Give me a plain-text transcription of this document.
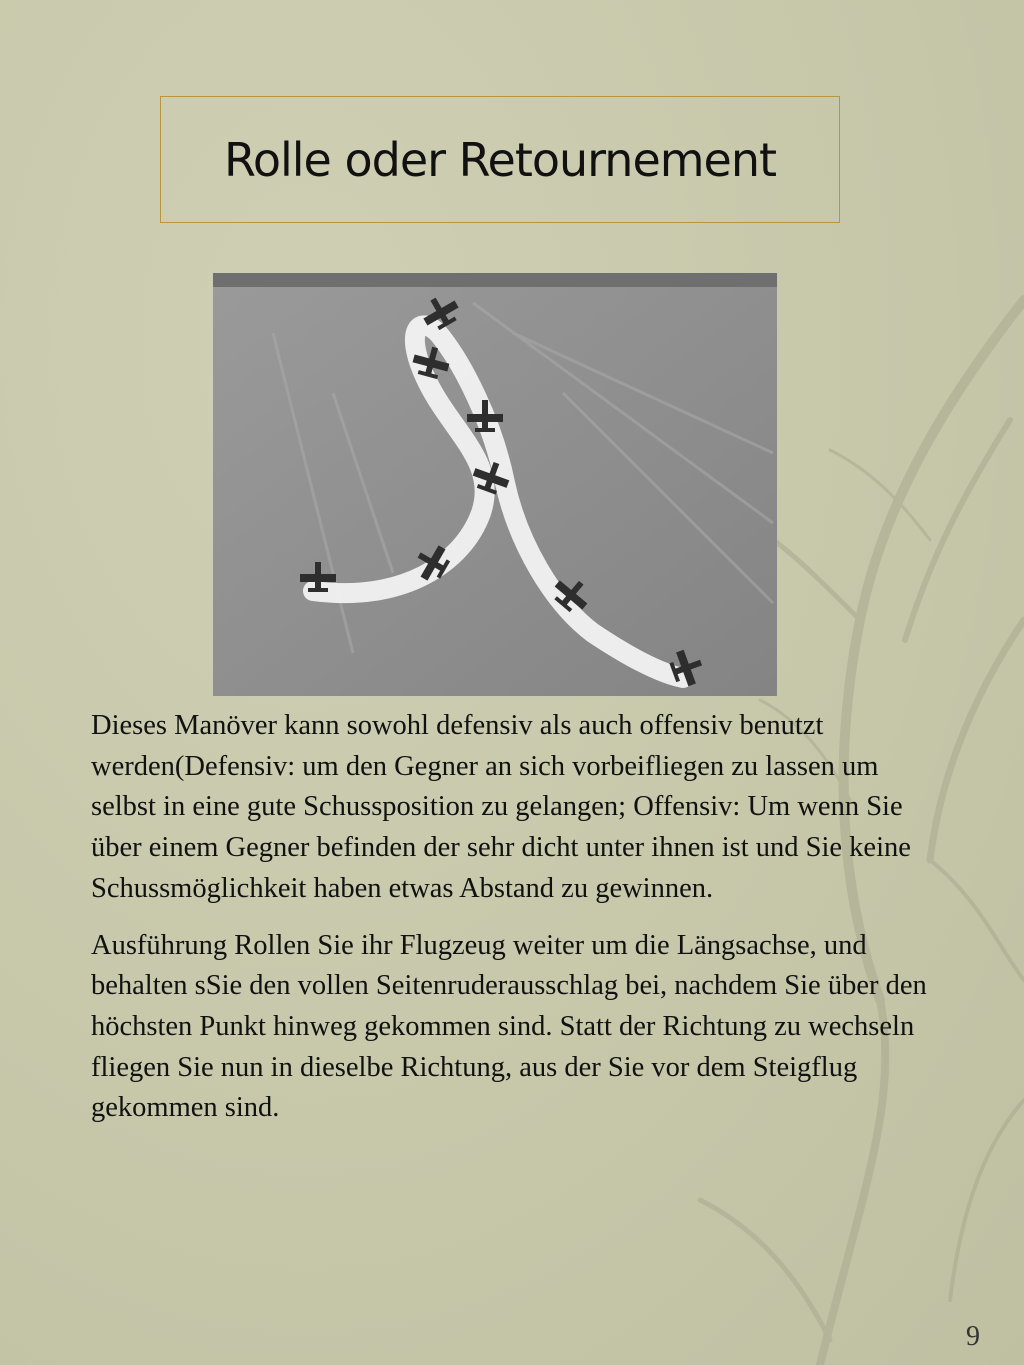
Rolle oder Retournement

Dieses Manöver kann sowohl defensiv als auch offensiv benutzt werden(Defensiv: um den Gegner an sich vorbeifliegen zu lassen um selbst in eine gute Schussposition zu gelangen; Offensiv: Um wenn Sie über einem Gegner befinden der sehr dicht unter ihnen ist und Sie keine Schussmöglichkeit haben etwas Abstand zu gewinnen.

Ausführung Rollen Sie ihr Flugzeug weiter um die Längsachse, und behalten sSie den vollen Seitenruderausschlag bei, nachdem Sie über den höchsten Punkt hinweg gekommen sind. Statt der Richtung zu wechseln fliegen Sie nun in dieselbe Richtung, aus der Sie vor dem Steigflug gekommen sind.

9
